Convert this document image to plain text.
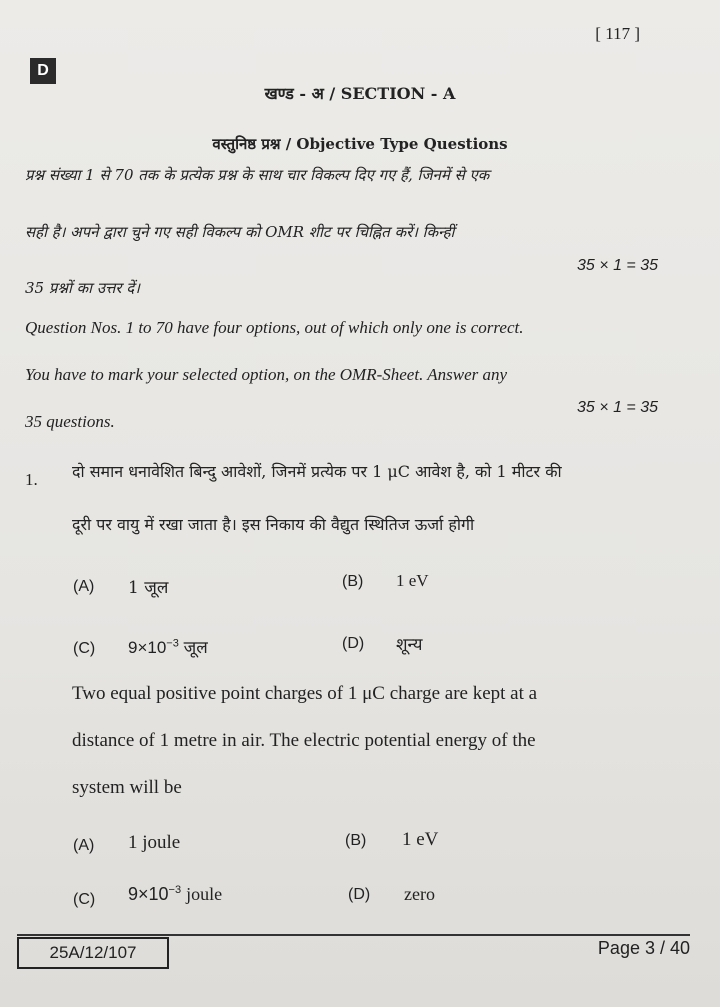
[ 117 ]
D
खण्ड - अ / SECTION - A
वस्तुनिष्ठ प्रश्न / Objective Type Questions
प्रश्न संख्या 1 से 70 तक के प्रत्येक प्रश्न के साथ चार विकल्प दिए गए हैं, जिनमें से एक
सही है। अपने द्वारा चुने गए सही विकल्प को OMR शीट पर चिह्नित करें। किन्हीं
35 प्रश्नों का उत्तर दें।
35 × 1 = 35
Question Nos. 1 to 70 have four options, out of which only one is correct.
You have to mark your selected option, on the OMR-Sheet. Answer any
35 questions.
35 × 1 = 35
1. दो समान धनावेशित बिन्दु आवेशों, जिनमें प्रत्येक पर 1 μC आवेश है, को 1 मीटर की
दूरी पर वायु में रखा जाता है। इस निकाय की वैद्युत स्थितिज ऊर्जा होगी
(A) 1 जूल	(B) 1 eV
(C) $9\times 10^{-3}$ जूल	(D) शून्य
Two equal positive point charges of 1 μC charge are kept at a
distance of 1 metre in air. The electric potential energy of the
system will be
(A) 1 joule	(B) 1 eV
(C) $9\times 10^{-3}$ joule	(D) zero
25A/12/107	Page 3 / 40
